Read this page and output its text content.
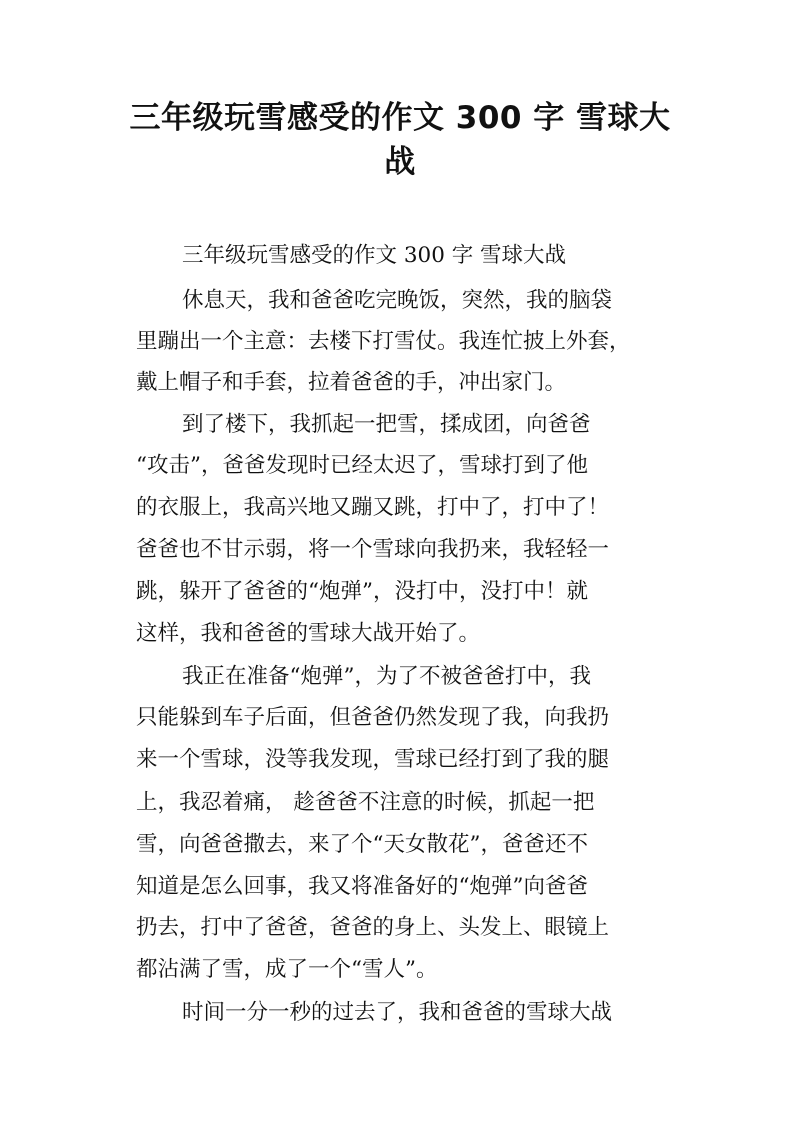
三年级玩雪感受的作文 300 字 雪球大战

三年级玩雪感受的作文 300 字 雪球大战

休息天，我和爸爸吃完晚饭，突然，我的脑袋

里蹦出一个主意：去楼下打雪仗。我连忙披上外套，

戴上帽子和手套，拉着爸爸的手，冲出家门。

到了楼下，我抓起一把雪，揉成团，向爸爸

“攻击”，爸爸发现时已经太迟了，雪球打到了他

的衣服上，我高兴地又蹦又跳，打中了，打中了！

爸爸也不甘示弱，将一个雪球向我扔来，我轻轻一

跳，躲开了爸爸的“炮弹”，没打中，没打中！就

这样，我和爸爸的雪球大战开始了。

我正在准备“炮弹”，为了不被爸爸打中，我

只能躲到车子后面，但爸爸仍然发现了我，向我扔

来一个雪球，没等我发现，雪球已经打到了我的腿

上，我忍着痛， 趁爸爸不注意的时候，抓起一把

雪，向爸爸撒去，来了个“天女散花”，爸爸还不

知道是怎么回事，我又将准备好的“炮弹”向爸爸

扔去，打中了爸爸，爸爸的身上、头发上、眼镜上

都沾满了雪，成了一个“雪人”。

时间一分一秒的过去了，我和爸爸的雪球大战
